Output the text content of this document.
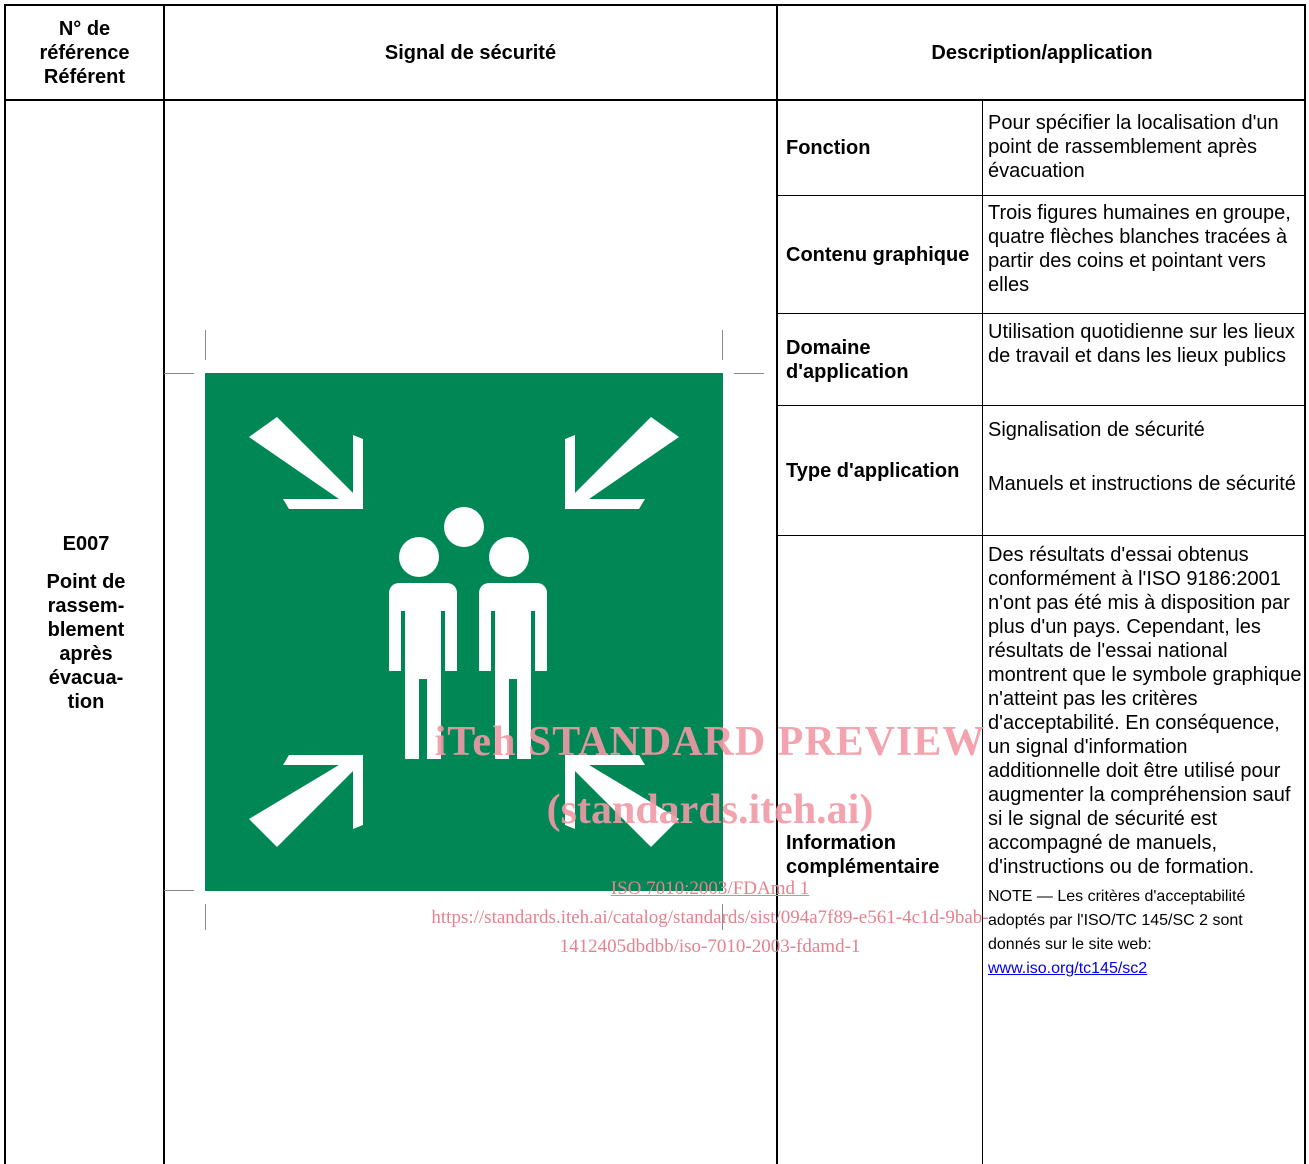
N° de
référence
Référent
Signal de sécurité	Description/application
E007
Point de
rassem-
blement
après
évacua-
tion
Fonction
Pour spécifier la localisation d'un point de rassemblement après évacuation
Contenu graphique
Trois figures humaines en groupe, quatre flèches blanches tracées à partir des coins et pointant vers elles
Domaine d'application
Utilisation quotidienne sur les lieux de travail et dans les lieux publics
Type d'application

Signalisation de sécurité

Manuels et instructions de sécurité

Information complémentaire

Des résultats d'essai obtenus conformément à l'ISO 9186:2001 n'ont pas été mis à disposition par plus d'un pays. Cependant, les résultats de l'essai national montrent que le symbole graphique n'atteint pas les critères d'acceptabilité. En conséquence, un signal d'information additionnelle doit être utilisé pour augmenter la compréhension sauf si le signal de sécurité est accompagné de manuels, d'instructions ou de formation.

NOTE — Les critères d'acceptabilité adoptés par l'ISO/TC 145/SC 2 sont donnés sur le site web:

www.iso.org/tc145/sc2

iTeh STANDARD PREVIEW
(standards.iteh.ai)
ISO 7010:2003/FDAmd 1
https://standards.iteh.ai/catalog/standards/sist/094a7f89-e561-4c1d-9bab-
1412405dbdbb/iso-7010-2003-fdamd-1
